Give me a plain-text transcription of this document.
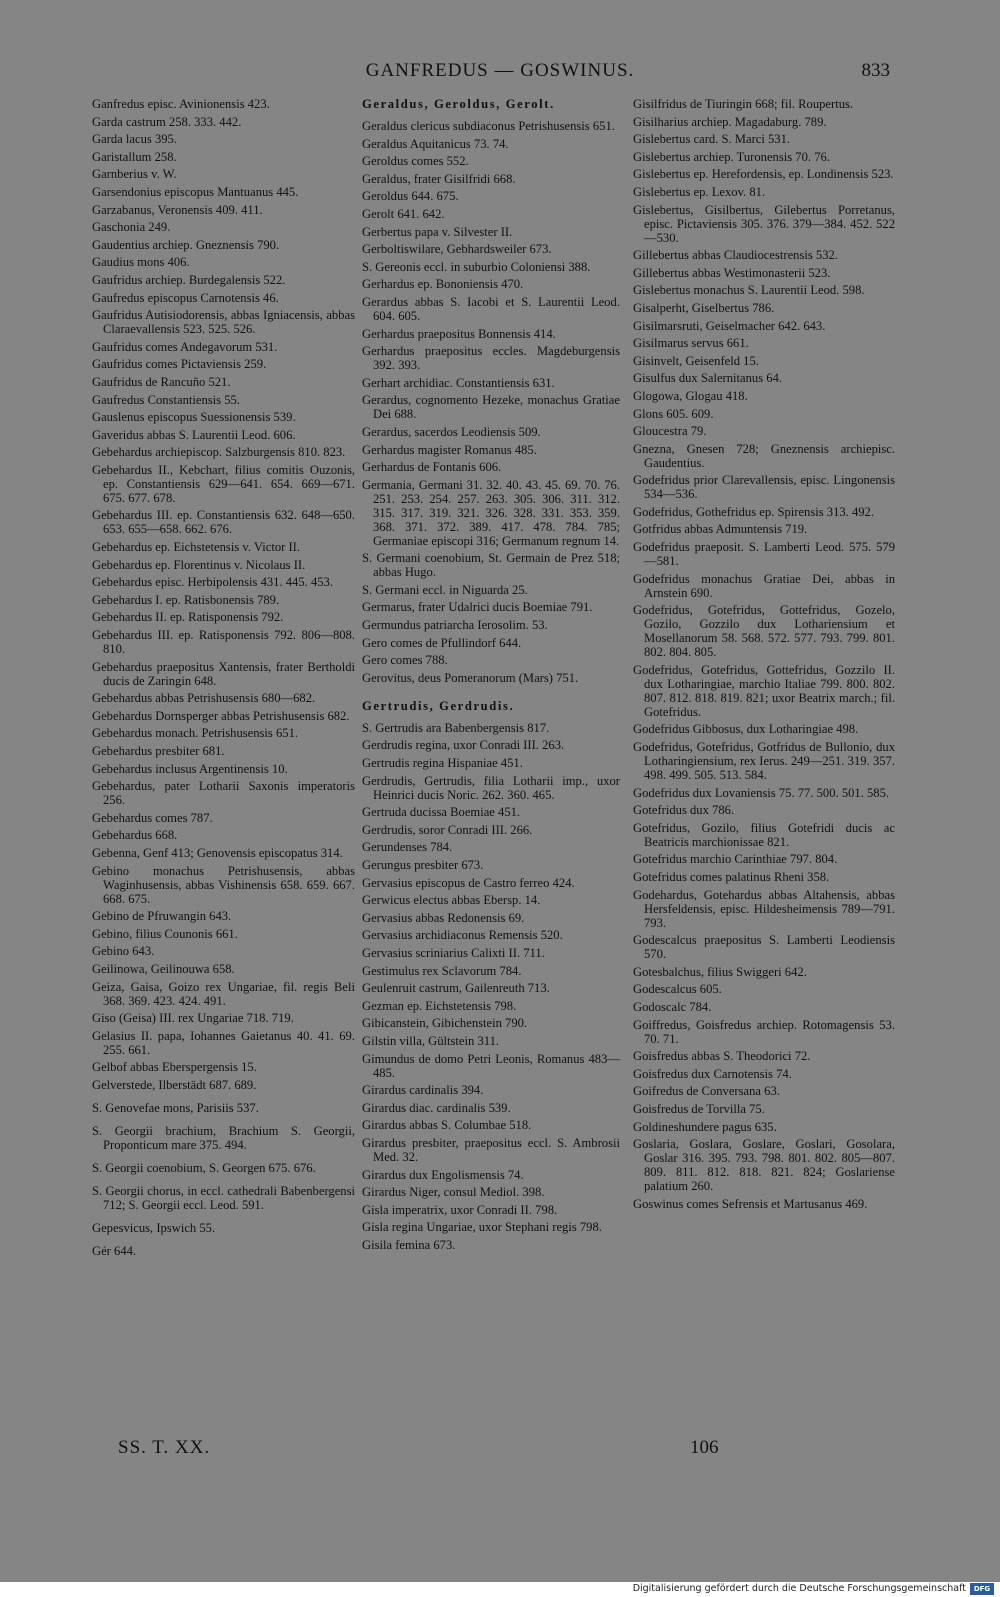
GANFREDUS — GOSWINUS.	833
Ganfredus episc. Avinionensis 423.
Garda castrum 258. 333. 442.
Garda lacus 395.
Garistallum 258.
Garnberius v. W.
Garsendonius episcopus Mantuanus 445.
Garzabanus, Veronensis 409. 411.
Gaschonia 249.
Gaudentius archiep. Gneznensis 790.
Gaudius mons 406.
Gaufridus archiep. Burdegalensis 522.
Gaufredus episcopus Carnotensis 46.
Gaufridus Autisiodorensis, abbas Igniacensis, abbas Claraevallensis 523. 525. 526.
Gaufridus comes Andegavorum 531.
Gaufridus comes Pictaviensis 259.
Gaufridus de Rancuño 521.
Gaufredus Constantiensis 55.
Gauslenus episcopus Suessionensis 539.
Gaveridus abbas S. Laurentii Leod. 606.
Gebehardus archiepiscop. Salzburgensis 810. 823.
Gebehardus II., Kebchart, filius comitis Ouzonis, ep. Constantiensis 629—641. 654. 669—671. 675. 677. 678.
Gebehardus III. ep. Constantiensis 632. 648—650. 653. 655—658. 662. 676.
Gebehardus ep. Eichstetensis v. Victor II.
Gebehardus ep. Florentinus v. Nicolaus II.
Gebehardus episc. Herbipolensis 431. 445. 453.
Gebehardus I. ep. Ratisbonensis 789.
Gebehardus II. ep. Ratisponensis 792.
Gebehardus III. ep. Ratisponensis 792. 806—808. 810.
Gebehardus praepositus Xantensis, frater Bertholdi ducis de Zaringin 648.
Gebehardus abbas Petrishusensis 680—682.
Gebehardus Dornsperger abbas Petrishusensis 682.
Gebehardus monach. Petrishusensis 651.
Gebehardus presbiter 681.
Gebehardus inclusus Argentinensis 10.
Gebehardus, pater Lotharii Saxonis imperatoris 256.
Gebehardus comes 787.
Gebehardus 668.
Gebenna, Genf 413; Genovensis episcopatus 314.
Gebino monachus Petrishusensis, abbas Waginhusensis, abbas Vishinensis 658. 659. 667. 668. 675.
Gebino de Pfruwangin 643.
Gebino, filius Counonis 661.
Gebino 643.
Geilinowa, Geilinouwa 658.
Geiza, Gaisa, Goizo rex Ungariae, fil. regis Beli 368. 369. 423. 424. 491.
Giso (Geisa) III. rex Ungariae 718. 719.
Gelasius II. papa, Iohannes Gaietanus 40. 41. 69. 255. 661.
Gelbof abbas Eberspergensis 15.
Gelverstede, Ilberstädt 687. 689.
S. Genovefae mons, Parisiis 537.
S. Georgii brachium, Brachium S. Georgii, Proponticum mare 375. 494.
S. Georgii coenobium, S. Georgen 675. 676.
S. Georgii chorus, in eccl. cathedrali Babenbergensi 712; S. Georgii eccl. Leod. 591.
Gepesvicus, Ipswich 55.
Gér 644.
Geraldus, Geroldus, Gerolt.
Geraldus clericus subdiaconus Petrishusensis 651.
Geraldus Aquitanicus 73. 74.
Geroldus comes 552.
Geraldus, frater Gisilfridi 668.
Geroldus 644. 675.
Gerolt 641. 642.
Gerbertus papa v. Silvester II.
Gerboltiswilare, Gebhardsweiler 673.
S. Gereonis eccl. in suburbio Coloniensi 388.
Gerhardus ep. Bononiensis 470.
Gerardus abbas S. Iacobi et S. Laurentii Leod. 604. 605.
Gerhardus praepositus Bonnensis 414.
Gerhardus praepositus eccles. Magdeburgensis 392. 393.
Gerhart archidiac. Constantiensis 631.
Gerardus, cognomento Hezeke, monachus Gratiae Dei 688.
Gerardus, sacerdos Leodiensis 509.
Gerhardus magister Romanus 485.
Gerhardus de Fontanis 606.
Germania, Germani 31. 32. 40. 43. 45. 69. 70. 76. 251. 253. 254. 257. 263. 305. 306. 311. 312. 315. 317. 319. 321. 326. 328. 331. 353. 359. 368. 371. 372. 389. 417. 478. 784. 785; Germaniae episcopi 316; Germanum regnum 14.
S. Germani coenobium, St. Germain de Prez 518; abbas Hugo.
S. Germani eccl. in Niguarda 25.
Germarus, frater Udalrici ducis Boemiae 791.
Germundus patriarcha Ierosolim. 53.
Gero comes de Pfullindorf 644.
Gero comes 788.
Gerovitus, deus Pomeranorum (Mars) 751.
Gertrudis, Gerdrudis.
S. Gertrudis ara Babenbergensis 817.
Gerdrudis regina, uxor Conradi III. 263.
Gertrudis regina Hispaniae 451.
Gerdrudis, Gertrudis, filia Lotharii imp., uxor Heinrici ducis Noric. 262. 360. 465.
Gertruda ducissa Boemiae 451.
Gerdrudis, soror Conradi III. 266.
Gerundenses 784.
Gerungus presbiter 673.
Gervasius episcopus de Castro ferreo 424.
Gerwicus electus abbas Ebersp. 14.
Gervasius abbas Redonensis 69.
Gervasius archidiaconus Remensis 520.
Gervasius scriniarius Calixti II. 711.
Gestimulus rex Sclavorum 784.
Geulenruit castrum, Gailenreuth 713.
Gezman ep. Eichstetensis 798.
Gibicanstein, Gibichenstein 790.
Gilstin villa, Gültstein 311.
Gimundus de domo Petri Leonis, Romanus 483—485.
Girardus cardinalis 394.
Girardus diac. cardinalis 539.
Girardus abbas S. Columbae 518.
Girardus presbiter, praepositus eccl. S. Ambrosii Med. 32.
Girardus dux Engolismensis 74.
Girardus Niger, consul Mediol. 398.
Gisla imperatrix, uxor Conradi II. 798.
Gisla regina Ungariae, uxor Stephani regis 798.
Gisila femina 673.
Gisilfridus de Tiuringin 668; fil. Roupertus.
Gisilharius archiep. Magadaburg. 789.
Gislebertus card. S. Marci 531.
Gislebertus archiep. Turonensis 70. 76.
Gislebertus ep. Herefordensis, ep. Londinensis 523.
Gislebertus ep. Lexov. 81.
Gislebertus, Gisilbertus, Gilebertus Porretanus, episc. Pictaviensis 305. 376. 379—384. 452. 522—530.
Gillebertus abbas Claudiocestrensis 532.
Gillebertus abbas Westimonasterii 523.
Gislebertus monachus S. Laurentii Leod. 598.
Gisalperht, Giselbertus 786.
Gisilmarsruti, Geiselmacher 642. 643.
Gisilmarus servus 661.
Gisinvelt, Geisenfeld 15.
Gisulfus dux Salernitanus 64.
Glogowa, Glogau 418.
Glons 605. 609.
Gloucestra 79.
Gnezna, Gnesen 728; Gneznensis archiepisc. Gaudentius.
Godefridus prior Clarevallensis, episc. Lingonensis 534—536.
Godefridus, Gothefridus ep. Spirensis 313. 492.
Gotfridus abbas Admuntensis 719.
Godefridus praeposit. S. Lamberti Leod. 575. 579—581.
Godefridus monachus Gratiae Dei, abbas in Arnstein 690.
Godefridus, Gotefridus, Gottefridus, Gozelo, Gozilo, Gozzilo dux Lothariensium et Mosellanorum 58. 568. 572. 577. 793. 799. 801. 802. 804. 805.
Godefridus, Gotefridus, Gottefridus, Gozzilo II. dux Lotharingiae, marchio Italiae 799. 800. 802. 807. 812. 818. 819. 821; uxor Beatrix march.; fil. Gotefridus.
Godefridus Gibbosus, dux Lotharingiae 498.
Godefridus, Gotefridus, Gotfridus de Bullonio, dux Lotharingiensium, rex Ierus. 249—251. 319. 357. 498. 499. 505. 513. 584.
Godefridus dux Lovaniensis 75. 77. 500. 501. 585.
Gotefridus dux 786.
Gotefridus, Gozilo, filius Gotefridi ducis ac Beatricis marchionissae 821.
Gotefridus marchio Carinthiae 797. 804.
Gotefridus comes palatinus Rheni 358.
Godehardus, Gotehardus abbas Altahensis, abbas Hersfeldensis, episc. Hildesheimensis 789—791. 793.
Godescalcus praepositus S. Lamberti Leodiensis 570.
Gotesbalchus, filius Swiggeri 642.
Godescalcus 605.
Godoscalc 784.
Goiffredus, Goisfredus archiep. Rotomagensis 53. 70. 71.
Goisfredus abbas S. Theodorici 72.
Goisfredus dux Carnotensis 74.
Goifredus de Conversana 63.
Goisfredus de Torvilla 75.
Goldineshundere pagus 635.
Goslaria, Goslara, Goslare, Goslari, Gosolara, Goslar 316. 395. 793. 798. 801. 802. 805—807. 809. 811. 812. 818. 821. 824; Goslariense palatium 260.
Goswinus comes Sefrensis et Martusanus 469.
SS. T. XX.	106
Digitalisierung gefördert durch die Deutsche Forschungsgemeinschaft	DFG
